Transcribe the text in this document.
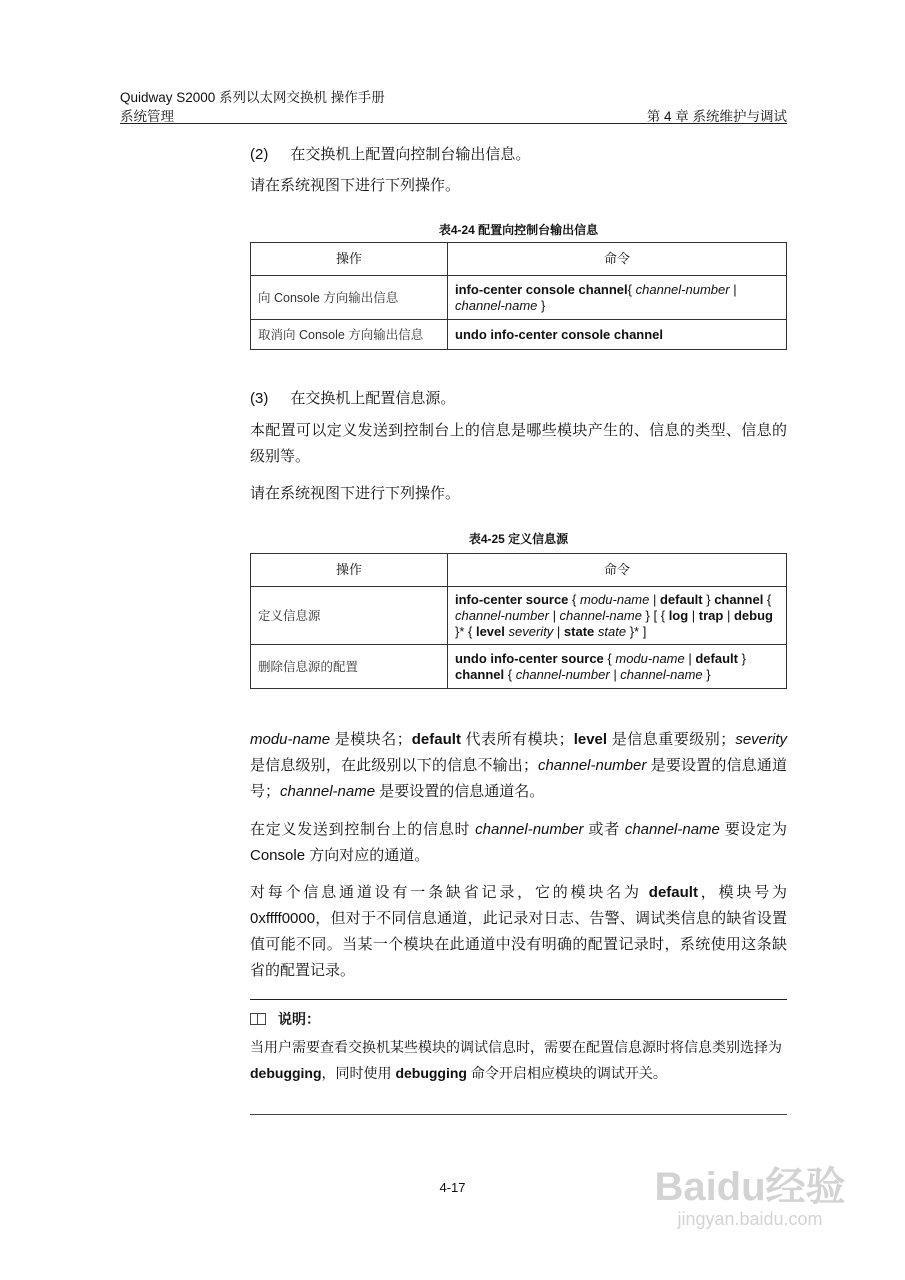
Quidway S2000 系列以太网交换机 操作手册
系统管理	第 4 章 系统维护与调试
(2) 在交换机上配置向控制台输出信息。
请在系统视图下进行下列操作。
表4-24 配置向控制台输出信息
操作	命令
向 Console 方向输出信息	info-center console channel{ channel-number | channel-name }
取消向 Console 方向输出信息	undo info-center console channel
(3) 在交换机上配置信息源。
本配置可以定义发送到控制台上的信息是哪些模块产生的、信息的类型、信息的级别等。
请在系统视图下进行下列操作。
表4-25 定义信息源
操作	命令
定义信息源	info-center source { modu-name | default } channel { channel-number | channel-name } [ { log | trap | debug }* { level severity | state state }* ]
删除信息源的配置	undo info-center source { modu-name | default } channel { channel-number | channel-name }
modu-name 是模块名；default 代表所有模块；level 是信息重要级别；severity 是信息级别，在此级别以下的信息不输出；channel-number 是要设置的信息通道号；channel-name 是要设置的信息通道名。
在定义发送到控制台上的信息时 channel-number 或者 channel-name 要设定为 Console 方向对应的通道。
对每个信息通道设有一条缺省记录，它的模块名为 default，模块号为 0xffff0000，但对于不同信息通道，此记录对日志、告警、调试类信息的缺省设置值可能不同。当某一个模块在此通道中没有明确的配置记录时，系统使用这条缺省的配置记录。
说明：
当用户需要查看交换机某些模块的调试信息时，需要在配置信息源时将信息类别选择为 debugging，同时使用 debugging 命令开启相应模块的调试开关。
4-17	Baidu经验
jingyan.baidu.com
